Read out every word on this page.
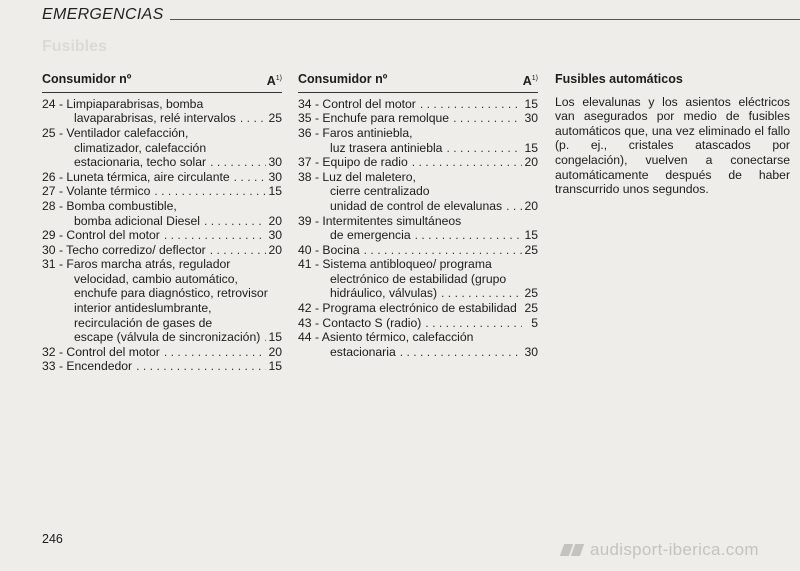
Fusibles
EMERGENCIAS
Consumidor nº	$A^{1)}$
24 - Limpiaparabrisas, bomba
lavaparabrisas, relé intervalos . . .	25
25 - Ventilador calefacción,
climatizador, calefacción
estacionaria, techo solar . . .	30
26 - Luneta térmica, aire circulante . . .	30
27 - Volante térmico . . .	15
28 - Bomba combustible,
bomba adicional Diesel . . .	20
29 - Control del motor . . .	30
30 - Techo corredizo/ deflector . . .	20
31 - Faros marcha atrás, regulador
velocidad, cambio automático,
enchufe para diagnóstico, retrovisor
interior antideslumbrante,
recirculación de gases de
escape (válvula de sincronización) . . . 15
32 - Control del motor . . .	20
33 - Encendedor . . .	15
Consumidor nº	$A^{1)}$
34 - Control del motor . . .	15
35 - Enchufe para remolque . . .	30
36 - Faros antiniebla,
luz trasera antiniebla . . .	15
37 - Equipo de radio . . .	20
38 - Luz del maletero,
cierre centralizado
unidad de control de elevalunas . . . 20
39 - Intermitentes simultáneos
de emergencia . . .	15
40 - Bocina . . .	25
41 - Sistema antibloqueo/ programa
electrónico de estabilidad (grupo
hidráulico, válvulas) . . .	25
42 - Programa electrónico de estabilidad . . . 25
43 - Contacto S (radio) . . .	5
44 - Asiento térmico, calefacción
estacionaria . . .	30
Fusibles automáticos
Los elevalunas y los asientos eléctricos van asegurados por medio de fusibles automáticos que, una vez eliminado el fallo (p. ej., cristales atascados por congelación), vuelven a conectarse automáticamente después de haber transcurrido unos segundos.
246
audisport-iberica.com
